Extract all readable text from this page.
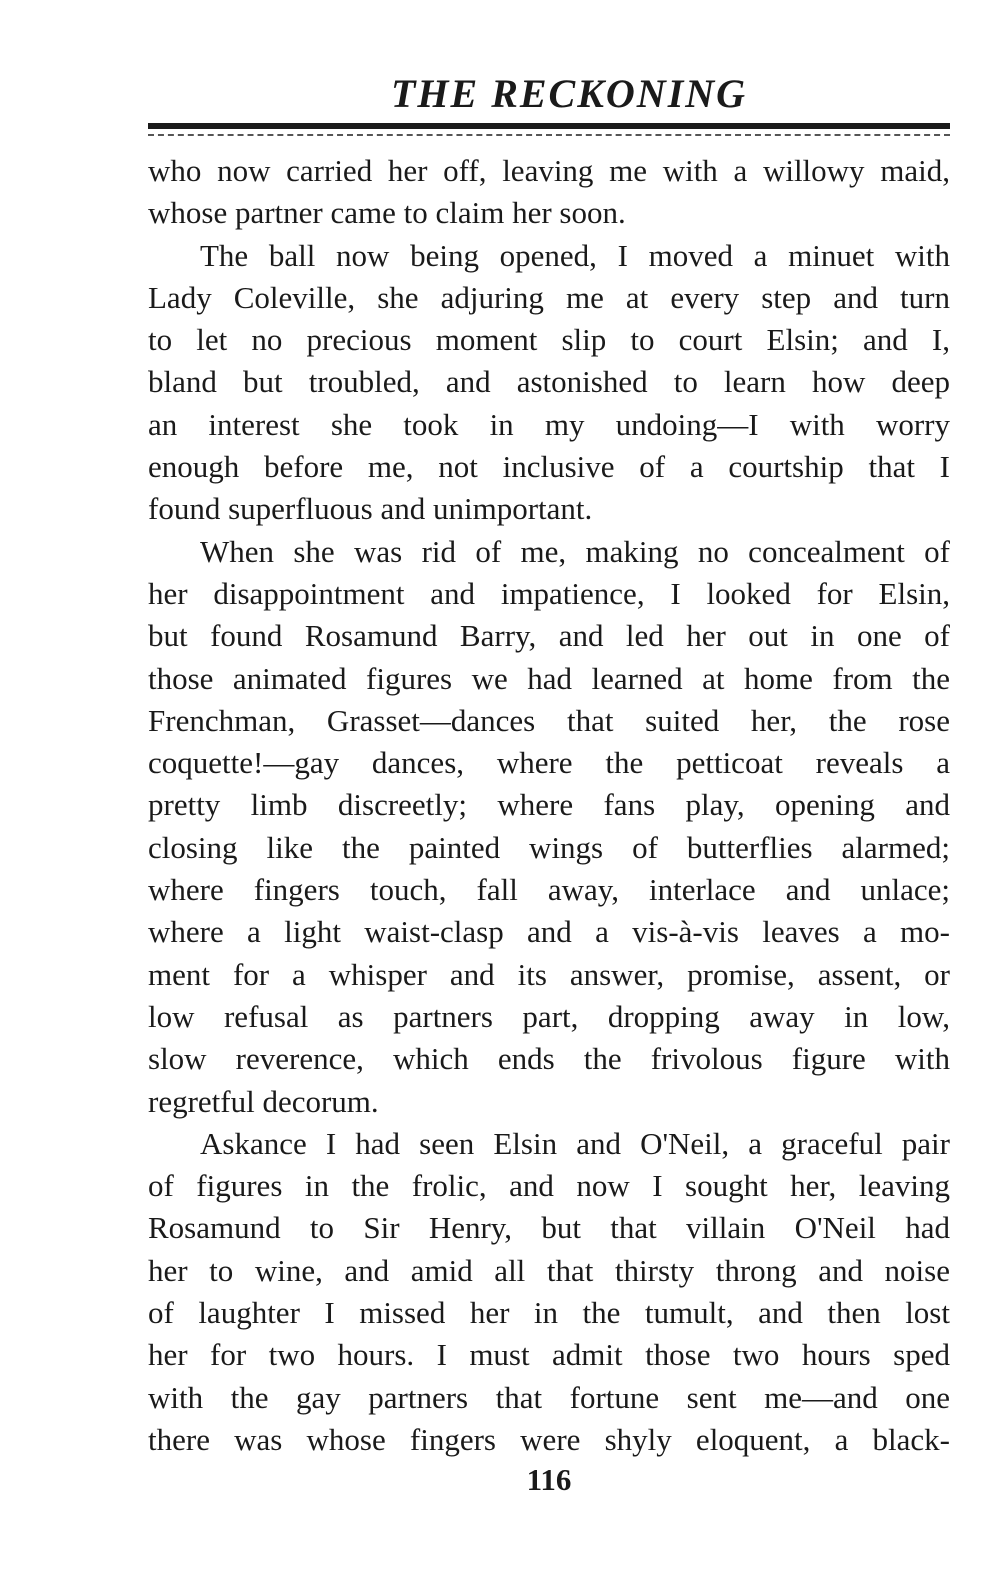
THE RECKONING

who now carried her off, leaving me with a willowy maid,
whose partner came to claim her soon.

The ball now being opened, I moved a minuet with
Lady Coleville, she adjuring me at every step and turn
to let no precious moment slip to court Elsin; and I,
bland but troubled, and astonished to learn how deep
an interest she took in my undoing—I with worry
enough before me, not inclusive of a courtship that I
found superfluous and unimportant.

When she was rid of me, making no concealment of
her disappointment and impatience, I looked for Elsin,
but found Rosamund Barry, and led her out in one of
those animated figures we had learned at home from the
Frenchman, Grasset—dances that suited her, the rose
coquette!—gay dances, where the petticoat reveals a
pretty limb discreetly; where fans play, opening and
closing like the painted wings of butterflies alarmed;
where fingers touch, fall away, interlace and unlace;
where a light waist-clasp and a vis-à-vis leaves a mo-
ment for a whisper and its answer, promise, assent, or
low refusal as partners part, dropping away in low,
slow reverence, which ends the frivolous figure with
regretful decorum.

Askance I had seen Elsin and O'Neil, a graceful pair
of figures in the frolic, and now I sought her, leaving
Rosamund to Sir Henry, but that villain O'Neil had
her to wine, and amid all that thirsty throng and noise
of laughter I missed her in the tumult, and then lost
her for two hours. I must admit those two hours sped
with the gay partners that fortune sent me—and one
there was whose fingers were shyly eloquent, a black-

116
